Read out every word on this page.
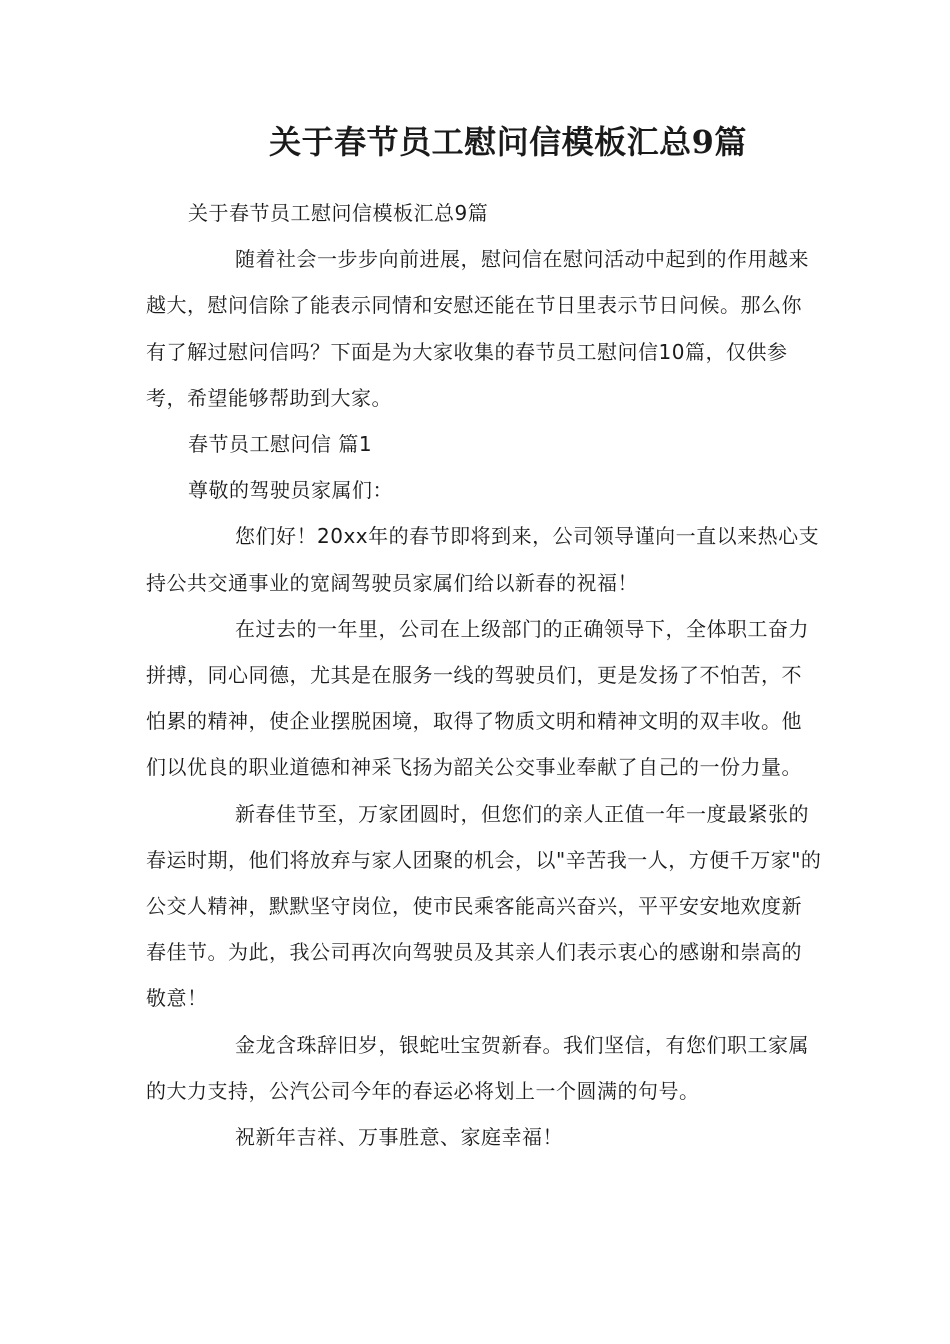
关于春节员工慰问信模板汇总9篇

关于春节员工慰问信模板汇总9篇

随着社会一步步向前进展，慰问信在慰问活动中起到的作用越来越大，慰问信除了能表示同情和安慰还能在节日里表示节日问候。那么你有了解过慰问信吗？下面是为大家收集的春节员工慰问信10篇，仅供参考，希望能够帮助到大家。

春节员工慰问信 篇1

尊敬的驾驶员家属们：

您们好！20xx年的春节即将到来，公司领导谨向一直以来热心支持公共交通事业的宽阔驾驶员家属们给以新春的祝福！

在过去的一年里，公司在上级部门的正确领导下，全体职工奋力拼搏，同心同德，尤其是在服务一线的驾驶员们，更是发扬了不怕苦，不怕累的精神，使企业摆脱困境，取得了物质文明和精神文明的双丰收。他们以优良的职业道德和神采飞扬为韶关公交事业奉献了自己的一份力量。

新春佳节至，万家团圆时，但您们的亲人正值一年一度最紧张的春运时期，他们将放弃与家人团聚的机会，以"辛苦我一人，方便千万家"的公交人精神，默默坚守岗位，使市民乘客能高兴奋兴，平平安安地欢度新春佳节。为此，我公司再次向驾驶员及其亲人们表示衷心的感谢和崇高的敬意！

金龙含珠辞旧岁，银蛇吐宝贺新春。我们坚信，有您们职工家属的大力支持，公汽公司今年的春运必将划上一个圆满的句号。

祝新年吉祥、万事胜意、家庭幸福！
